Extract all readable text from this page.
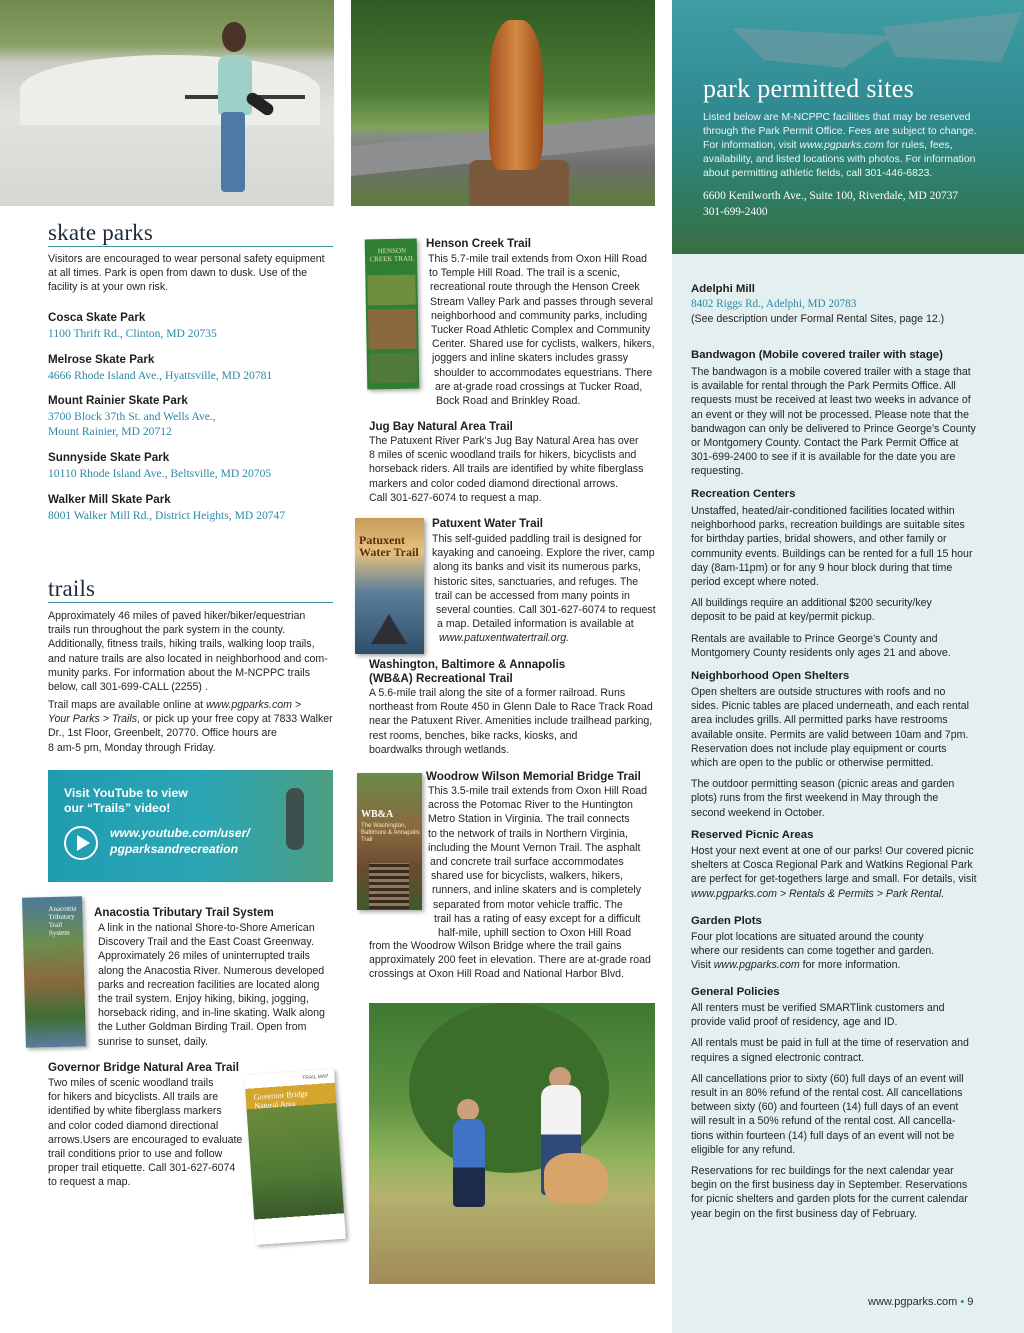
park permitted sites
Listed below are M-NCPPC facilities that may be reserved
through the Park Permit Office. Fees are subject to change.
For information, visit www.pgparks.com for rules, fees,
availability, and listed locations with photos. For information
about permitting athletic fields, call 301-446-6823.
6600 Kenilworth Ave., Suite 100, Riverdale, MD 20737
301-699-2400
skate parks
Visitors are encouraged to wear personal safety equipment at all times. Park is open from dawn to dusk. Use of the facility is at your own risk.
Cosca Skate Park
1100 Thrift Rd., Clinton, MD 20735
Melrose Skate Park
4666 Rhode Island Ave., Hyattsville, MD 20781
Mount Rainier Skate Park
3700 Block 37th St. and Wells Ave.,
Mount Rainier, MD 20712
Sunnyside Skate Park
10110 Rhode Island Ave., Beltsville, MD 20705
Walker Mill Skate Park
8001 Walker Mill Rd., District Heights, MD 20747
trails
Approximately 46 miles of paved hiker/biker/equestrian
trails run throughout the park system in the county.
Additionally, fitness trails, hiking trails, walking loop trails,
and nature trails are also located in neighborhood and com-
munity parks. For information about the M-NCPPC trails
below, call 301-699-CALL (2255) .
Trail maps are available online at www.pgparks.com >
Your Parks > Trails, or pick up your free copy at 7833 Walker
Dr., 1st Floor, Greenbelt, 20770. Office hours are
8 am-5 pm, Monday through Friday.
Visit YouTube to view
our “Trails” video!
www.youtube.com/user/
pgparksandrecreation
Anacostia Tributary Trail System
Anacostia Tributary Trail System
A link in the national Shore-to-Shore American
Discovery Trail and the East Coast Greenway.
Approximately 26 miles of uninterrupted trails
along the Anacostia River. Numerous developed
parks and recreation facilities are located along
the trail system. Enjoy hiking, biking, jogging,
horseback riding, and in-line skating. Walk along
the Luther Goldman Birding Trail. Open from
sunrise to sunset, daily.
Governor Bridge Natural Area Trail
Two miles of scenic woodland trails
for hikers and bicyclists. All trails are
identified by white fiberglass markers
and color coded diamond directional
arrows.Users are encouraged to evaluate
trail conditions prior to use and follow
proper trail etiquette. Call 301-627-6074
to request a map.
TRAIL MAP
Governor Bridge Natural Area
HENSON CREEK TRAIL
Henson Creek Trail
This 5.7-mile trail extends from Oxon Hill Road
to Temple Hill Road. The trail is a scenic,
recreational route through the Henson Creek
Stream Valley Park and passes through several
neighborhood and community parks, including
Tucker Road Athletic Complex and Community
Center. Shared use for cyclists, walkers, hikers,
joggers and inline skaters includes grassy
shoulder to accommodates equestrians. There
are at-grade road crossings at Tucker Road,
Bock Road and Brinkley Road.
Jug Bay Natural Area Trail
The Patuxent River Park’s Jug Bay Natural Area has over
8 miles of scenic woodland trails for hikers, bicyclists and
horseback riders. All trails are identified by white fiberglass
markers and color coded diamond directional arrows.
Call 301-627-6074 to request a map.
Patuxent Water Trail
Patuxent Water Trail
This self-guided paddling trail is designed for
kayaking and canoeing. Explore the river, camp
along its banks and visit its numerous parks,
historic sites, sanctuaries, and refuges. The
trail can be accessed from many points in
several counties. Call 301-627-6074 to request
a map. Detailed information is available at
www.patuxentwatertrail.org.
Washington, Baltimore & Annapolis
(WB&A) Recreational Trail
A 5.6-mile trail along the site of a former railroad. Runs
northeast from Route 450 in Glenn Dale to Race Track Road
near the Patuxent River. Amenities include trailhead parking,
rest rooms, benches, bike racks, kiosks, and
boardwalks through wetlands.
WB&A
The Washington, Baltimore & Annapolis Trail
Woodrow Wilson Memorial Bridge Trail
This 3.5-mile trail extends from Oxon Hill Road
across the Potomac River to the Huntington
Metro Station in Virginia. The trail connects
to the network of trails in Northern Virginia,
including the Mount Vernon Trail. The asphalt
and concrete trail surface accommodates
shared use for bicyclists, walkers, hikers,
runners, and inline skaters and is completely
separated from motor vehicle traffic. The
trail has a rating of easy except for a difficult
half-mile, uphill section to Oxon Hill Road
from the Woodrow Wilson Bridge where the trail gains
approximately 200 feet in elevation. There are at-grade road
crossings at Oxon Hill Road and National Harbor Blvd.
Adelphi Mill
8402 Riggs Rd., Adelphi, MD 20783
(See description under Formal Rental Sites, page 12.)
Bandwagon (Mobile covered trailer with stage)
The bandwagon is a mobile covered trailer with a stage that
is available for rental through the Park Permits Office. All
requests must be received at least two weeks in advance of
an event or they will not be processed. Please note that the
bandwagon can only be delivered to Prince George’s County
or Montgomery County. Contact the Park Permit Office at
301-699-2400 to see if it is available for the date you are
requesting.
Recreation Centers
Unstaffed, heated/air-conditioned facilities located within
neighborhood parks, recreation buildings are suitable sites
for birthday parties, bridal showers, and other family or
community events. Buildings can be rented for a full 15 hour
day (8am-11pm) or for any 9 hour block during that time
period except where noted.
All buildings require an additional $200 security/key
deposit to be paid at key/permit pickup.
Rentals are available to Prince George’s County and
Montgomery County residents only ages 21 and above.
Neighborhood Open Shelters
Open shelters are outside structures with roofs and no
sides. Picnic tables are placed underneath, and each rental
area includes grills. All permitted parks have restrooms
available onsite. Permits are valid between 10am and 7pm.
Reservation does not include play equipment or courts
which are open to the public or otherwise permitted.
The outdoor permitting season (picnic areas and garden
plots) runs from the first weekend in May through the
second weekend in October.
Reserved Picnic Areas
Host your next event at one of our parks! Our covered picnic
shelters at Cosca Regional Park and Watkins Regional Park
are perfect for get-togethers large and small. For details, visit
www.pgparks.com > Rentals & Permits > Park Rental.
Garden Plots
Four plot locations are situated around the county
where our residents can come together and garden.
Visit www.pgparks.com for more information.
General Policies
All renters must be verified SMARTlink customers and
provide valid proof of residency, age and ID.
All rentals must be paid in full at the time of reservation and
requires a signed electronic contract.
All cancellations prior to sixty (60) full days of an event will
result in an 80% refund of the rental cost. All cancellations
between sixty (60) and fourteen (14) full days of an event
will result in a 50% refund of the rental cost. All cancella-
tions within fourteen (14) full days of an event will not be
eligible for any refund.
Reservations for rec buildings for the next calendar year
begin on the first business day in September. Reservations
for picnic shelters and garden plots for the current calendar
year begin on the first business day of February.
www.pgparks.com • 9
